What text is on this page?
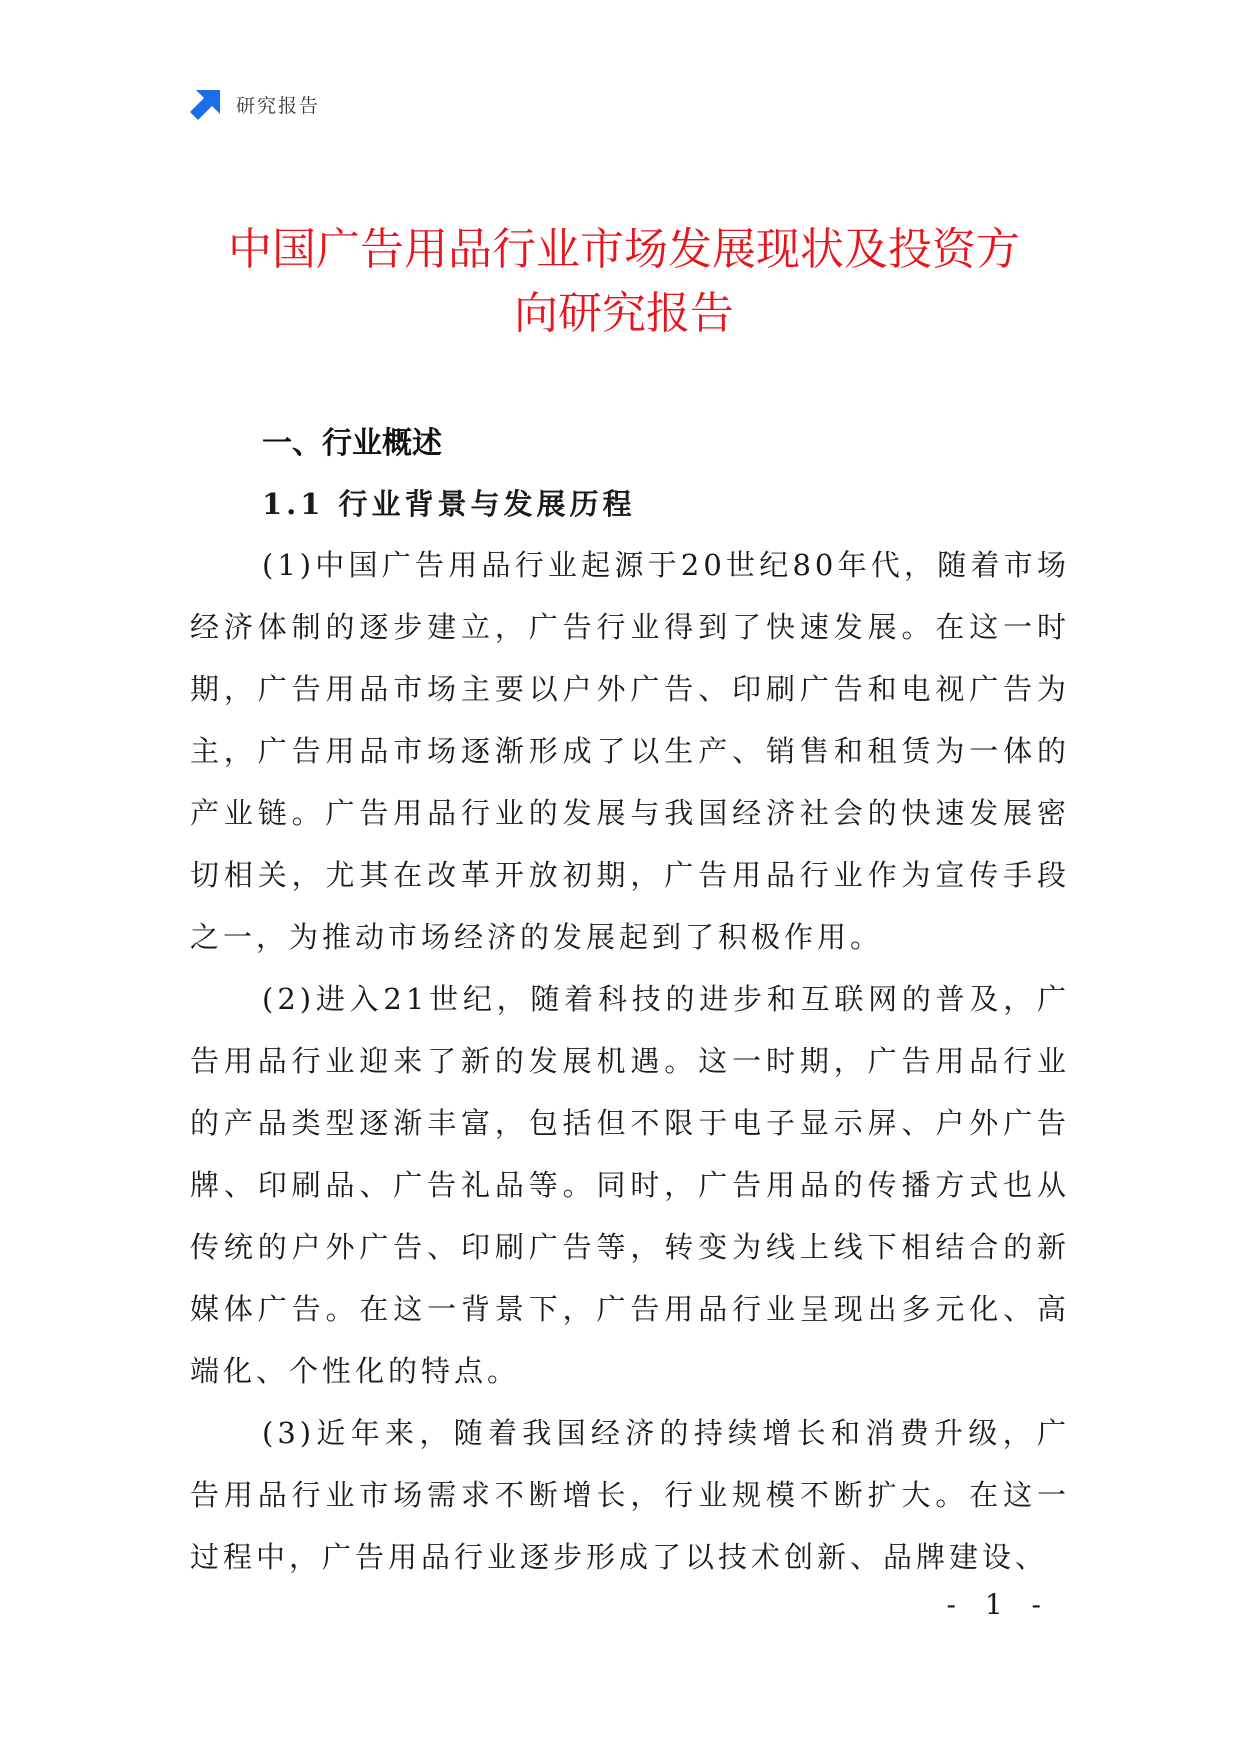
研究报告
中国广告用品行业市场发展现状及投资方
向研究报告
一、行业概述
1.1 行业背景与发展历程

(1)中国广告用品行业起源于20世纪80年代，随着市场经济体制的逐步建立，广告行业得到了快速发展。在这一时期，广告用品市场主要以户外广告、印刷广告和电视广告为主，广告用品市场逐渐形成了以生产、销售和租赁为一体的产业链。广告用品行业的发展与我国经济社会的快速发展密切相关，尤其在改革开放初期，广告用品行业作为宣传手段之一，为推动市场经济的发展起到了积极作用。

(2)进入21世纪，随着科技的进步和互联网的普及，广告用品行业迎来了新的发展机遇。这一时期，广告用品行业的产品类型逐渐丰富，包括但不限于电子显示屏、户外广告牌、印刷品、广告礼品等。同时，广告用品的传播方式也从传统的户外广告、印刷广告等，转变为线上线下相结合的新媒体广告。在这一背景下，广告用品行业呈现出多元化、高端化、个性化的特点。

(3)近年来，随着我国经济的持续增长和消费升级，广告用品行业市场需求不断增长，行业规模不断扩大。在这一过程中，广告用品行业逐步形成了以技术创新、品牌建设、

- 1 -
